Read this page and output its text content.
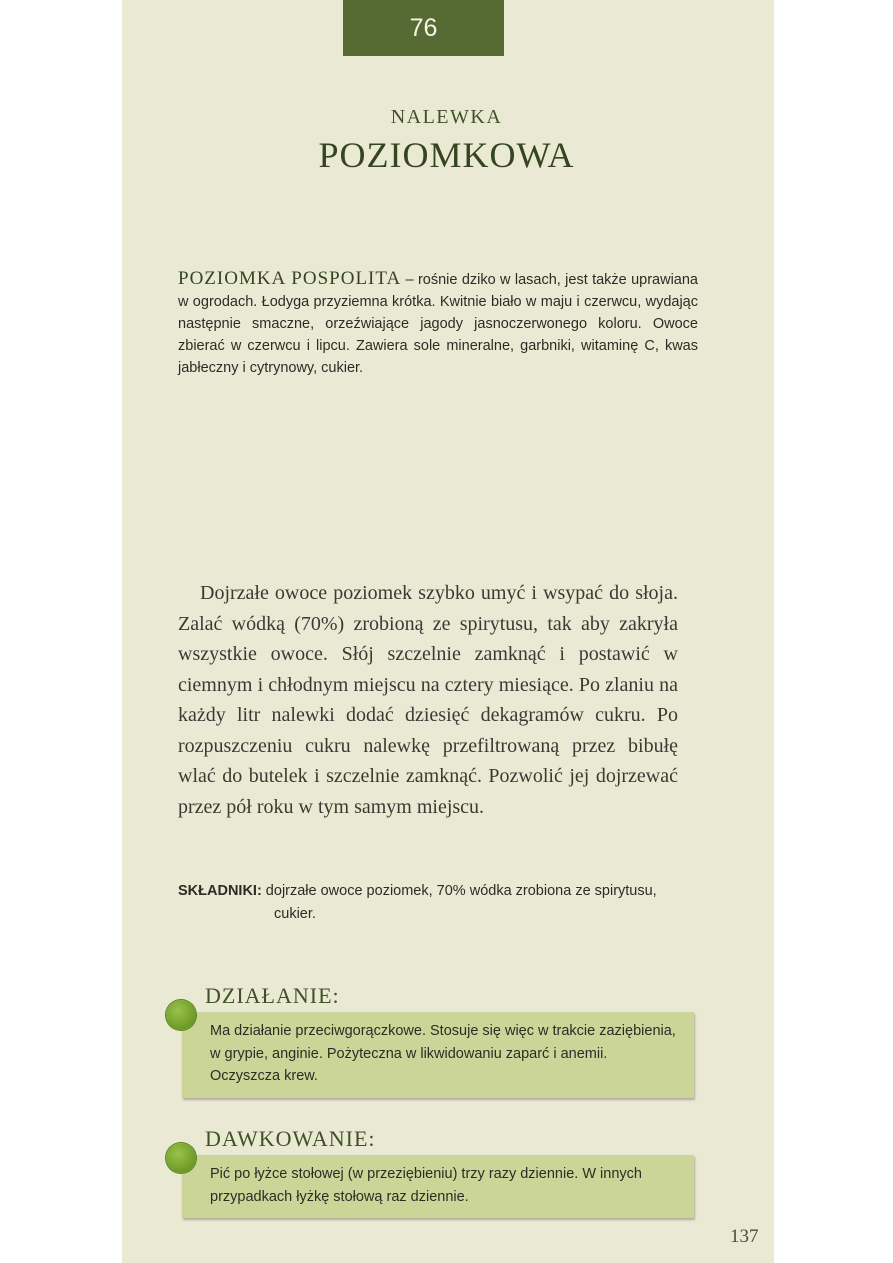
76
NALEWKA
POZIOMKOWA
POZIOMKA POSPOLITA – rośnie dziko w lasach, jest także uprawiana w ogrodach. Łodyga przyziemna krótka. Kwitnie biało w maju i czerwcu, wydając następnie smaczne, orzeźwiające jagody jasnoczerwonego koloru. Owoce zbierać w czerwcu i lipcu. Zawiera sole mineralne, garbniki, witaminę C, kwas jabłeczny i cytrynowy, cukier.
Dojrzałe owoce poziomek szybko umyć i wsypać do słoja. Zalać wódką (70%) zrobioną ze spirytusu, tak aby zakryła wszystkie owoce. Słój szczelnie zamknąć i postawić w ciemnym i chłodnym miejscu na cztery miesiące. Po zlaniu na każdy litr nalewki dodać dziesięć dekagramów cukru. Po rozpuszczeniu cukru nalewkę przefiltrowaną przez bibułę wlać do butelek i szczelnie zamknąć. Pozwolić jej dojrzewać przez pół roku w tym samym miejscu.
SKŁADNIKI: dojrzałe owoce poziomek, 70% wódka zrobiona ze spirytusu, cukier.
DZIAŁANIE:
Ma działanie przeciwgorączkowe. Stosuje się więc w trakcie zaziębienia, w grypie, anginie. Pożyteczna w likwidowaniu zaparć i anemii. Oczyszcza krew.
DAWKOWANIE:
Pić po łyżce stołowej (w przeziębieniu) trzy razy dziennie. W innych przypadkach łyżkę stołową raz dziennie.
137
